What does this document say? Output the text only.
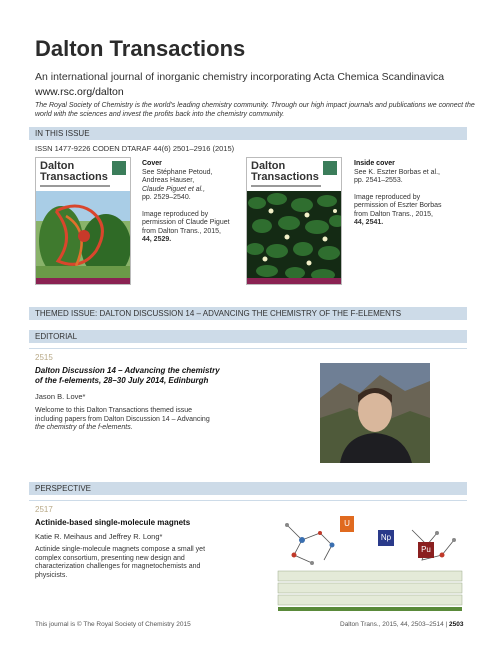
Dalton Transactions
An international journal of inorganic chemistry incorporating Acta Chemica Scandinavica
www.rsc.org/dalton
The Royal Society of Chemistry is the world’s leading chemistry community. Through our high impact journals and publications we connect the world with the sciences and invest the profits back into the chemistry community.
IN THIS ISSUE
ISSN 1477-9226 CODEN DTARAF 44(6) 2501–2916 (2015)
Dalton
Transactions
Cover
See Stéphane Petoud,
Andreas Hauser,
Claude Piguet et al.,
pp. 2529–2540.
Image reproduced by
permission of Claude Piguet
from Dalton Trans., 2015,
44, 2529.
Dalton
Transactions
Inside cover
See K. Eszter Borbas et al.,
pp. 2541–2553.
Image reproduced by
permission of Eszter Borbas
from Dalton Trans., 2015,
44, 2541.
THEMED ISSUE: DALTON DISCUSSION 14 – ADVANCING THE CHEMISTRY OF THE F-ELEMENTS
EDITORIAL
2515
Dalton Discussion 14 – Advancing the chemistry
of the f-elements, 28–30 July 2014, Edinburgh
Jason B. Love*
Welcome to this Dalton Transactions themed issue
including papers from Dalton Discussion 14 – Advancing
the chemistry of the f-elements.
PERSPECTIVE
2517
Actinide-based single-molecule magnets
Katie R. Meihaus and Jeffrey R. Long*
Actinide single-molecule magnets compose a small yet
complex consortium, presenting new design and
characterization challenges for magnetochemists and
physicists.
U
Np
Pu
This journal is © The Royal Society of Chemistry 2015	Dalton Trans., 2015, 44, 2503–2514 | 2503
